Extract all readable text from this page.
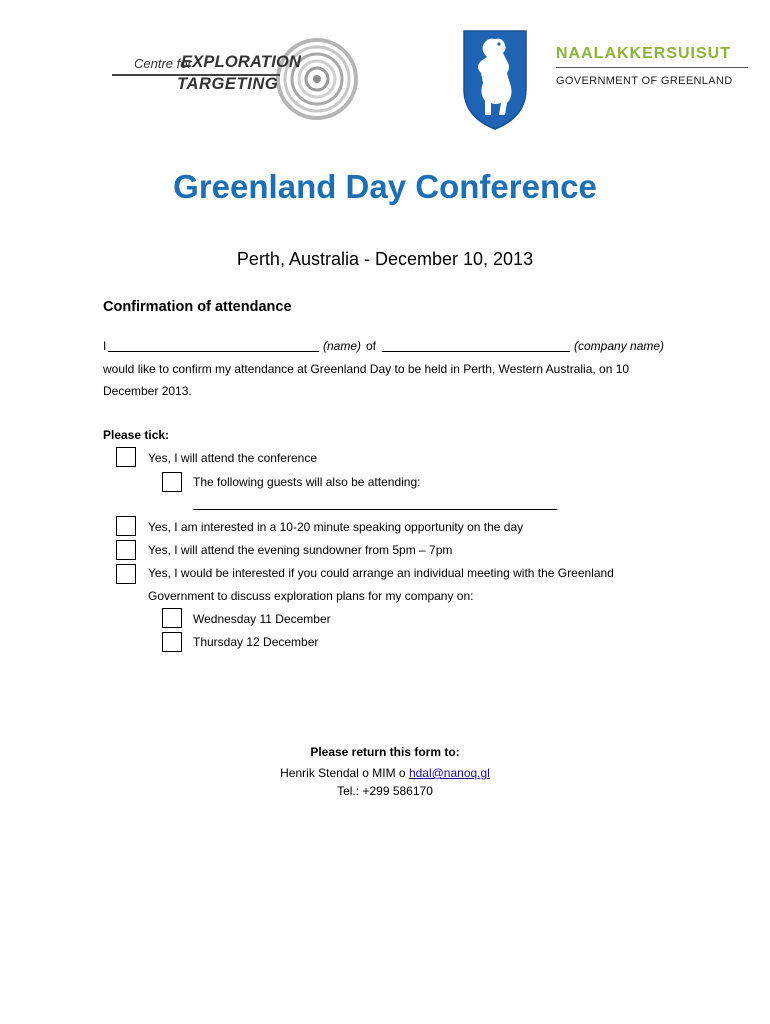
Centre for
EXPLORATION
TARGETING
NAALAKKERSUISUT
GOVERNMENT OF GREENLAND
Greenland Day Conference
Perth, Australia - December 10, 2013
Confirmation of attendance
I	(name) of	(company name)
would like to confirm my attendance at Greenland Day to be held in Perth, Western Australia, on 10
December 2013.
Please tick:
Yes, I will attend the conference
The following guests will also be attending:
Yes, I am interested in a 10-20 minute speaking opportunity on the day
Yes, I will attend the evening sundowner from 5pm – 7pm
Yes, I would be interested if you could arrange an individual meeting with the Greenland
Government to discuss exploration plans for my company on:
Wednesday 11 December
Thursday 12 December
Please return this form to:
Henrik Stendal o MIM o hdal@nanoq.gl
Tel.: +299 586170
